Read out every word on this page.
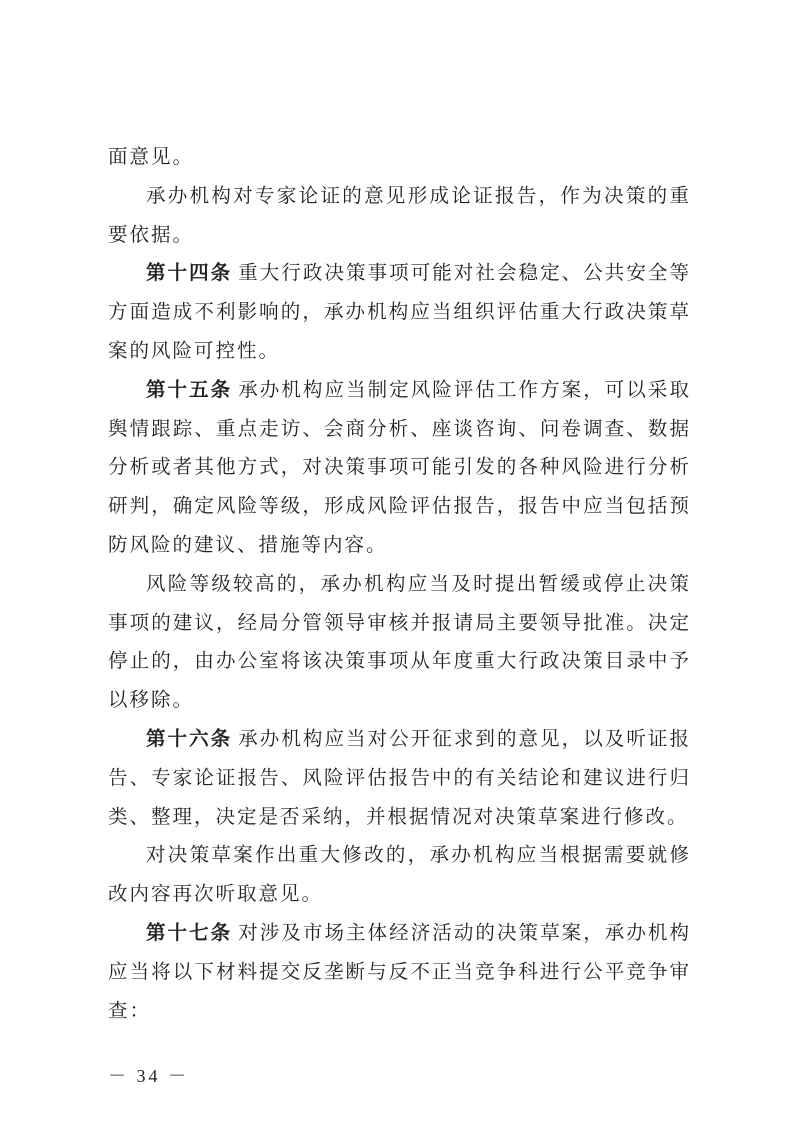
面意见。
承办机构对专家论证的意见形成论证报告，作为决策的重
要依据。
第十四条 重大行政决策事项可能对社会稳定、公共安全等
方面造成不利影响的，承办机构应当组织评估重大行政决策草
案的风险可控性。
第十五条 承办机构应当制定风险评估工作方案，可以采取
舆情跟踪、重点走访、会商分析、座谈咨询、问卷调查、数据
分析或者其他方式，对决策事项可能引发的各种风险进行分析
研判，确定风险等级，形成风险评估报告，报告中应当包括预
防风险的建议、措施等内容。
风险等级较高的，承办机构应当及时提出暂缓或停止决策
事项的建议，经局分管领导审核并报请局主要领导批准。决定
停止的，由办公室将该决策事项从年度重大行政决策目录中予
以移除。
第十六条 承办机构应当对公开征求到的意见，以及听证报
告、专家论证报告、风险评估报告中的有关结论和建议进行归
类、整理，决定是否采纳，并根据情况对决策草案进行修改。
对决策草案作出重大修改的，承办机构应当根据需要就修
改内容再次听取意见。
第十七条 对涉及市场主体经济活动的决策草案，承办机构
应当将以下材料提交反垄断与反不正当竞争科进行公平竞争审
查：
－ 34 －
